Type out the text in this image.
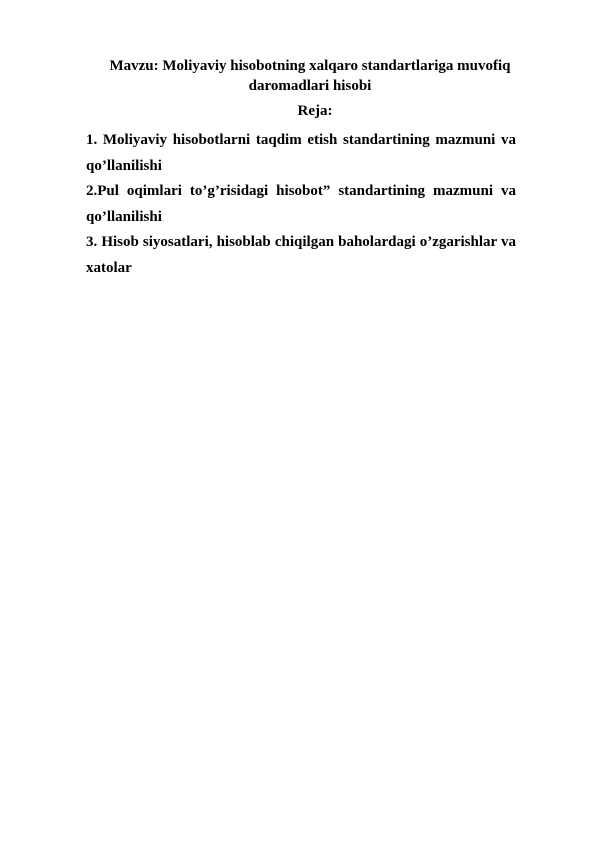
Mavzu: Moliyaviy hisobotning xalqaro standartlariga muvofiq daromadlari hisobi
Reja:

1. Moliyaviy hisobotlarni taqdim etish standartining mazmuni va qo’llanilishi

2.Pul oqimlari to’g’risidagi hisobot” standartining mazmuni va qo’llanilishi

3. Hisob siyosatlari, hisoblab chiqilgan baholardagi o’zgarishlar va xatolar
